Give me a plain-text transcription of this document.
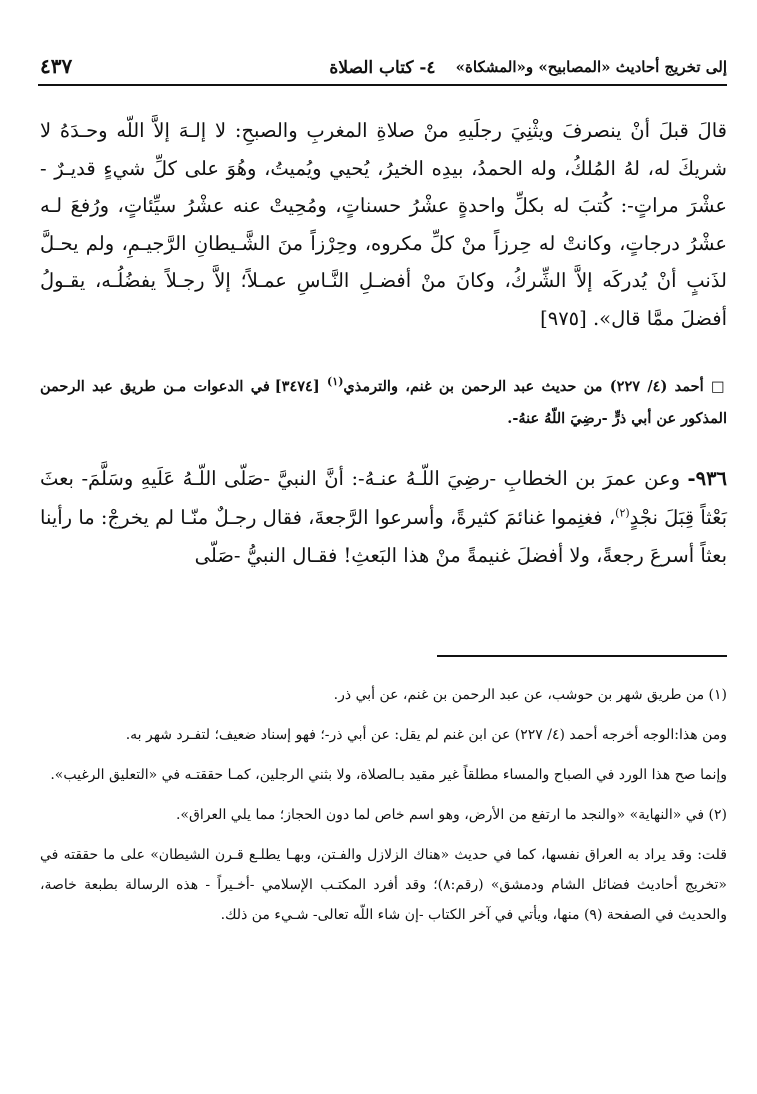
إلى تخريج أحاديث «المصابيح» و«المشكاة»
٤- كتاب الصلاة
٤٣٧
قالَ قبلَ أنْ ينصرفَ ويثْنِيَ رجلَيهِ منْ صلاةِ المغربِ والصبحِ: لا إلـهَ إلاَّ اللّه وحـدَهُ لا شريكَ له، لهُ المُلكُ، وله الحمدُ، بيدِه الخيرُ، يُحيي ويُميتُ، وهُوَ على كلِّ شيءٍ قديـرٌ - عشْرَ مراتٍ-: كُتبَ له بكلِّ واحدةٍ عشْرُ حسناتٍ، ومُحِيتْ عنه عشْرُ سيِّئاتٍ، ورُفعَ لـه عشْرُ درجاتٍ، وكانتْ له حِرزاً منْ كلِّ مكروه، وحِرْزاً منَ الشَّـيطانِ الرَّجيـمِ، ولم يحـلَّ لذَنبٍ أنْ يُدركَه إلاَّ الشِّركُ، وكانَ منْ أفضـلِ النَّـاسِ عمـلاً؛ إلاَّ رجـلاً يفضُلُـه، يقـولُ أفضلَ ممَّا قال». [٩٧٥]
□ أحمد (٤/ ٢٢٧) من حديث عبد الرحمن بن غنم، والترمذي$^{(١)}$ [٣٤٧٤] في الدعوات مـن طريق عبد الرحمن المذكور عن أبي ذرٍّ -رضِيَ اللّهُ عنهُ-.
٩٣٦- وعن عمرَ بن الخطابِ -رضِيَ اللّـهُ عنـهُ-: أنَّ النبيَّ -صَلّى اللّـهُ عَلَيهِ وسَلَّمَ- بعثَ بَعْثاً قِبَلَ نجْدٍ$^{(٢)}$، فغنِموا غنائمَ كثيرةً، وأسرعوا الرَّجعةَ، فقال رجـلٌ منّـا لم يخرجْ: ما رأينا بعثاً أسرعَ رجعةً، ولا أفضلَ غنيمةً منْ هذا البَعثِ! فقـال النبيُّ -صَلّى

(١) من طريق شهر بن حوشب، عن عبد الرحمن بن غنم، عن أبي ذر.

ومن هذا:الوجه أخرجه أحمد (٤/ ٢٢٧) عن ابن غنم لم يقل: عن أبي ذر-؛ فهو إسناد ضعيف؛ لتفـرد شهر به.

وإنما صح هذا الورد في الصباح والمساء مطلقاً غير مقيد بـالصلاة، ولا بثني الرجلين، كمـا حققتـه في «التعليق الرغيب».

(٢) في «النهاية» «والنجد ما ارتفع من الأرض، وهو اسم خاص لما دون الحجاز؛ مما يلي العراق».

قلت: وقد يراد به العراق نفسها، كما في حديث «هناك الزلازل والفـتن، وبهـا يطلـع قـرن الشيطان» على ما حققته في «تخريج أحاديث فضائل الشام ودمشق» (رقم:٨)؛ وقد أفرد المكتـب الإسلامي -أخـيراً - هذه الرسالة بطبعة خاصة، والحديث في الصفحة (٩) منها، ويأتي في آخر الكتاب -إن شاء اللّه تعالى- شـيء من ذلك.
